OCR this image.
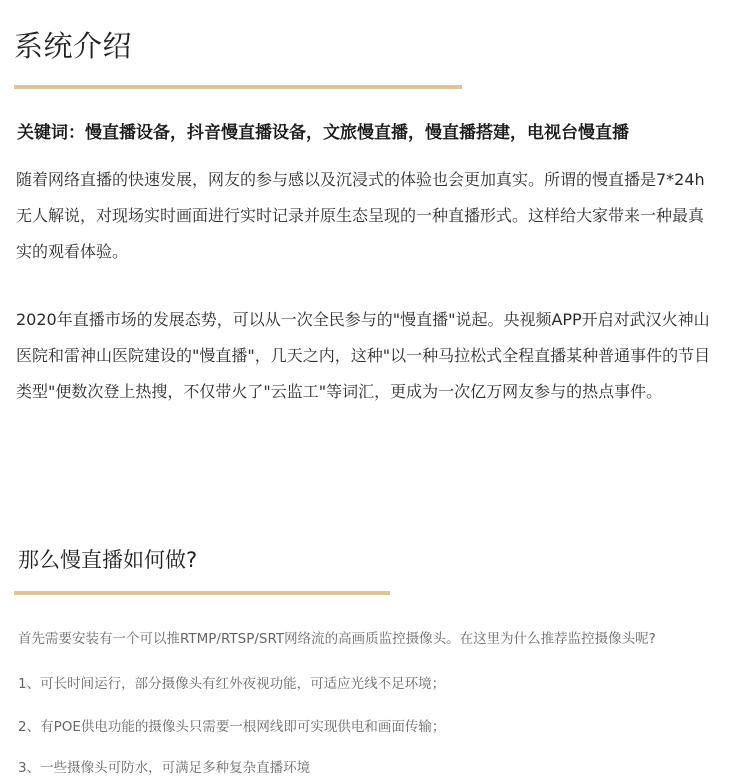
系统介绍

关键词：慢直播设备，抖音慢直播设备，文旅慢直播，慢直播搭建，电视台慢直播

随着网络直播的快速发展，网友的参与感以及沉浸式的体验也会更加真实。所谓的慢直播是7*24h无人解说，对现场实时画面进行实时记录并原生态呈现的一种直播形式。这样给大家带来一种最真实的观看体验。

2020年直播市场的发展态势，可以从一次全民参与的"慢直播"说起。央视频APP开启对武汉火神山医院和雷神山医院建设的"慢直播"，几天之内，这种"以一种马拉松式全程直播某种普通事件的节目类型"便数次登上热搜，不仅带火了"云监工"等词汇，更成为一次亿万网友参与的热点事件。

那么慢直播如何做?

首先需要安装有一个可以推RTMP/RTSP/SRT网络流的高画质监控摄像头。在这里为什么推荐监控摄像头呢?

1、可长时间运行，部分摄像头有红外夜视功能，可适应光线不足环境；

2、有POE供电功能的摄像头只需要一根网线即可实现供电和画面传输；

3、一些摄像头可防水，可满足多种复杂直播环境
